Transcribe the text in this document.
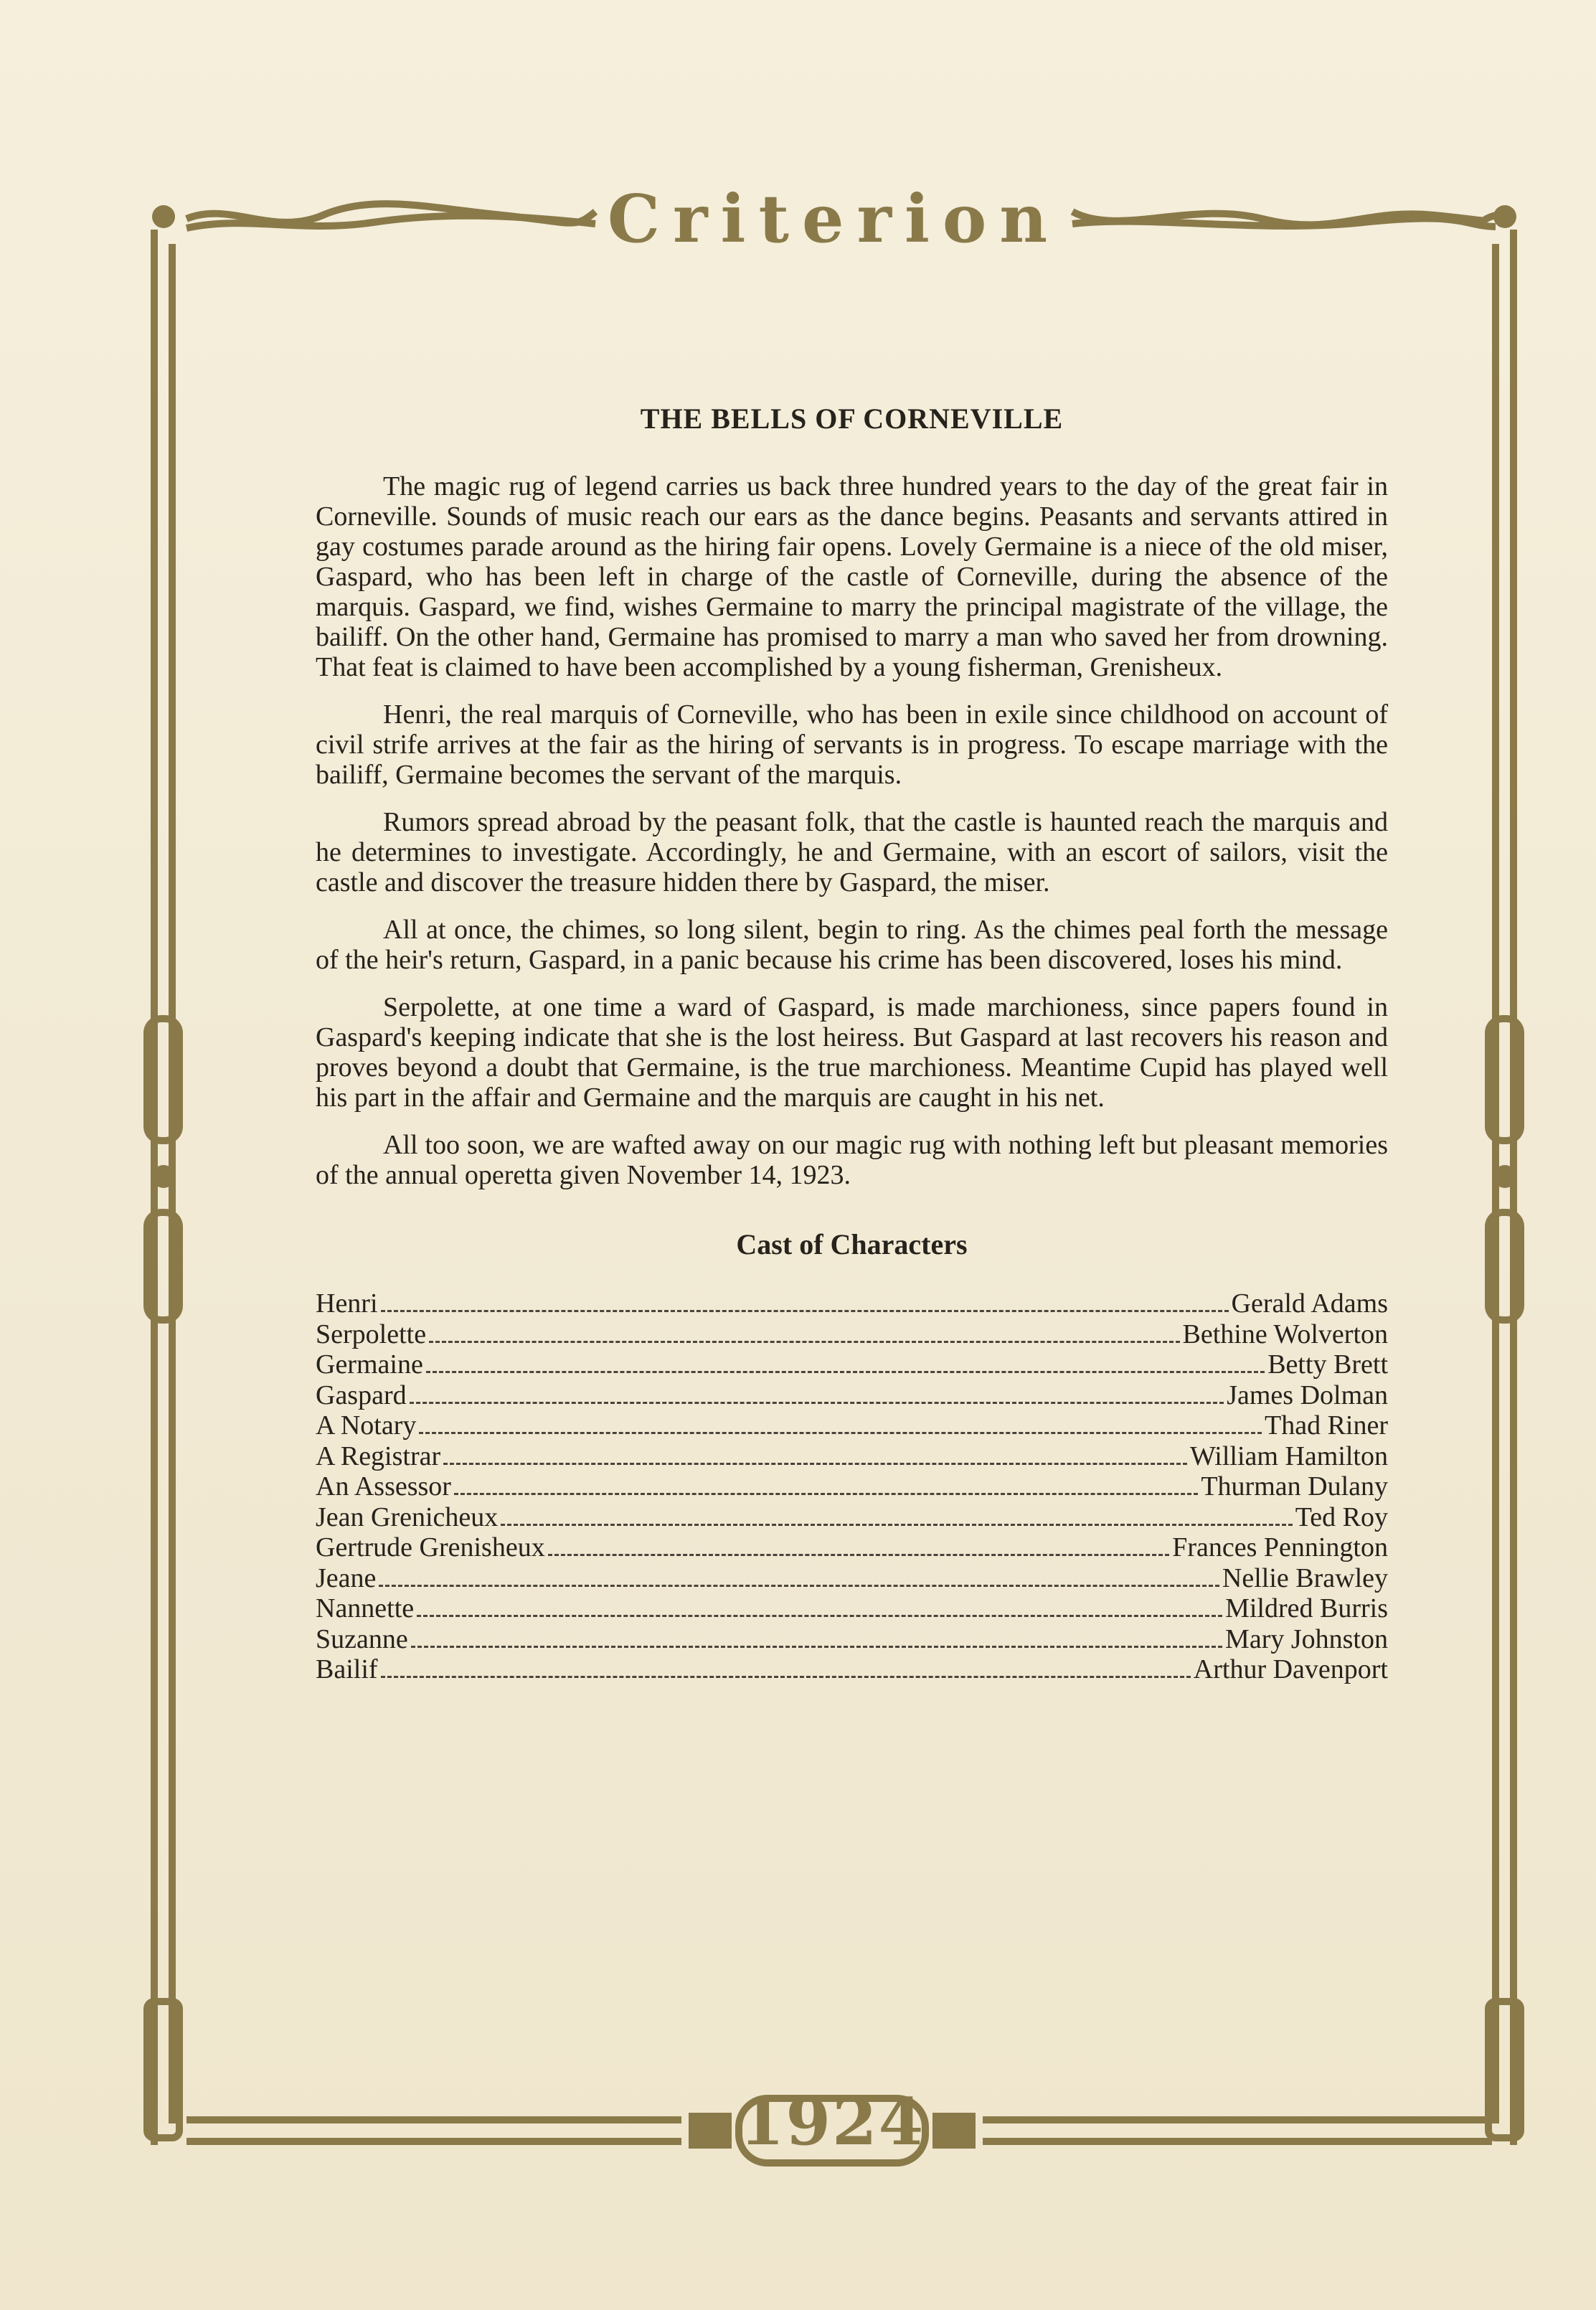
Criterion
1924
THE BELLS OF CORNEVILLE

The magic rug of legend carries us back three hundred years to the day of the great fair in Corneville. Sounds of music reach our ears as the dance begins. Peasants and servants attired in gay costumes parade around as the hiring fair opens. Lovely Germaine is a niece of the old miser, Gaspard, who has been left in charge of the castle of Corneville, during the absence of the marquis. Gaspard, we find, wishes Germaine to marry the principal magistrate of the village, the bailiff. On the other hand, Germaine has promised to marry a man who saved her from drowning. That feat is claimed to have been accomplished by a young fisherman, Grenisheux.

Henri, the real marquis of Corneville, who has been in exile since childhood on account of civil strife arrives at the fair as the hiring of servants is in progress. To escape marriage with the bailiff, Germaine becomes the servant of the marquis.

Rumors spread abroad by the peasant folk, that the castle is haunted reach the marquis and he determines to investigate. Accordingly, he and Germaine, with an escort of sailors, visit the castle and discover the treasure hidden there by Gaspard, the miser.

All at once, the chimes, so long silent, begin to ring. As the chimes peal forth the message of the heir's return, Gaspard, in a panic because his crime has been discovered, loses his mind.

Serpolette, at one time a ward of Gaspard, is made marchioness, since papers found in Gaspard's keeping indicate that she is the lost heiress. But Gaspard at last recovers his reason and proves beyond a doubt that Germaine, is the true marchioness. Meantime Cupid has played well his part in the affair and Germaine and the marquis are caught in his net.

All too soon, we are wafted away on our magic rug with nothing left but pleasant memories of the annual operetta given November 14, 1923.

Cast of Characters
Henri	Gerald Adams
Serpolette	Bethine Wolverton
Germaine	Betty Brett
Gaspard	James Dolman
A Notary	Thad Riner
A Registrar	William Hamilton
An Assessor	Thurman Dulany
Jean Grenicheux	Ted Roy
Gertrude Grenisheux	Frances Pennington
Jeane	Nellie Brawley
Nannette	Mildred Burris
Suzanne	Mary Johnston
Bailif	Arthur Davenport
